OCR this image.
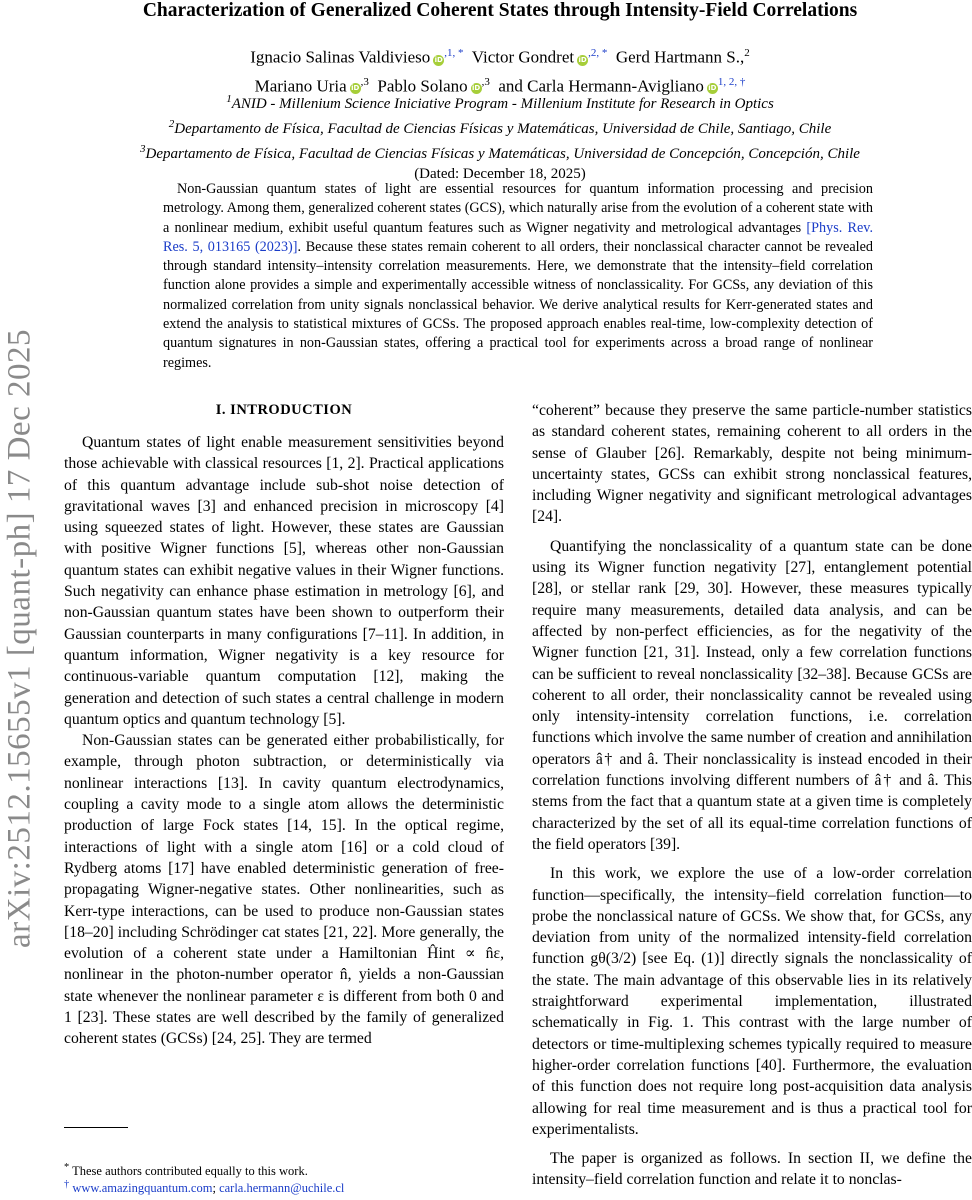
arXiv:2512.15655v1 [quant-ph] 17 Dec 2025
Characterization of Generalized Coherent States through Intensity-Field Correlations
Ignacio Salinas Valdivieso $iD^{,1, *}$ Victor Gondret $iD^{,2, *}$ Gerd Hartmann S.,$^2$
Mariano Uria $iD^{,3}$ Pablo Solano $iD^{,3}$ and Carla Hermann-Avigliano $iD^{1, 2, \dagger}$
$^1$ANID - Millenium Science Iniciative Program - Millenium Institute for Research in Optics
$^2$Departamento de Física, Facultad de Ciencias Físicas y Matemáticas, Universidad de Chile, Santiago, Chile
$^3$Departamento de Física, Facultad de Ciencias Físicas y Matemáticas, Universidad de Concepción, Concepción, Chile
(Dated: December 18, 2025)
Non-Gaussian quantum states of light are essential resources for quantum information processing and precision metrology. Among them, generalized coherent states (GCS), which naturally arise from the evolution of a coherent state with a nonlinear medium, exhibit useful quantum features such as Wigner negativity and metrological advantages [Phys. Rev. Res. 5, 013165 (2023)]. Because these states remain coherent to all orders, their nonclassical character cannot be revealed through standard intensity–intensity correlation measurements. Here, we demonstrate that the intensity–field correlation function alone provides a simple and experimentally accessible witness of nonclassicality. For GCSs, any deviation of this normalized correlation from unity signals nonclassical behavior. We derive analytical results for Kerr-generated states and extend the analysis to statistical mixtures of GCSs. The proposed approach enables real-time, low-complexity detection of quantum signatures in non-Gaussian states, offering a practical tool for experiments across a broad range of nonlinear regimes.
I. INTRODUCTION

Quantum states of light enable measurement sensitivities beyond those achievable with classical resources [1, 2]. Practical applications of this quantum advantage include sub-shot noise detection of gravitational waves [3] and enhanced precision in microscopy [4] using squeezed states of light. However, these states are Gaussian with positive Wigner functions [5], whereas other non-Gaussian quantum states can exhibit negative values in their Wigner functions. Such negativity can enhance phase estimation in metrology [6], and non-Gaussian quantum states have been shown to outperform their Gaussian counterparts in many configurations [7–11]. In addition, in quantum information, Wigner negativity is a key resource for continuous-variable quantum computation [12], making the generation and detection of such states a central challenge in modern quantum optics and quantum technology [5].

Non-Gaussian states can be generated either probabilistically, for example, through photon subtraction, or deterministically via nonlinear interactions [13]. In cavity quantum electrodynamics, coupling a cavity mode to a single atom allows the deterministic production of large Fock states [14, 15]. In the optical regime, interactions of light with a single atom [16] or a cold cloud of Rydberg atoms [17] have enabled deterministic generation of free-propagating Wigner-negative states. Other nonlinearities, such as Kerr-type interactions, can be used to produce non-Gaussian states [18–20] including Schrödinger cat states [21, 22]. More generally, the evolution of a coherent state under a Hamiltonian Ĥint ∝ n̂ε, nonlinear in the photon-number operator n̂, yields a non-Gaussian state whenever the nonlinear parameter ε is different from both 0 and 1 [23]. These states are well described by the family of generalized coherent states (GCSs) [24, 25]. They are termed

“coherent” because they preserve the same particle-number statistics as standard coherent states, remaining coherent to all orders in the sense of Glauber [26]. Remarkably, despite not being minimum-uncertainty states, GCSs can exhibit strong nonclassical features, including Wigner negativity and significant metrological advantages [24].

Quantifying the nonclassicality of a quantum state can be done using its Wigner function negativity [27], entanglement potential [28], or stellar rank [29, 30]. However, these measures typically require many measurements, detailed data analysis, and can be affected by non-perfect efficiencies, as for the negativity of the Wigner function [21, 31]. Instead, only a few correlation functions can be sufficient to reveal nonclassicality [32–38]. Because GCSs are coherent to all order, their nonclassicality cannot be revealed using only intensity-intensity correlation functions, i.e. correlation functions which involve the same number of creation and annihilation operators â† and â. Their nonclassicality is instead encoded in their correlation functions involving different numbers of â† and â. This stems from the fact that a quantum state at a given time is completely characterized by the set of all its equal-time correlation functions of the field operators [39].

In this work, we explore the use of a low-order correlation function—specifically, the intensity–field correlation function—to probe the nonclassical nature of GCSs. We show that, for GCSs, any deviation from unity of the normalized intensity-field correlation function gθ(3/2) [see Eq. (1)] directly signals the nonclassicality of the state. The main advantage of this observable lies in its relatively straightforward experimental implementation, illustrated schematically in Fig. 1. This contrast with the large number of detectors or time-multiplexing schemes typically required to measure higher-order correlation functions [40]. Furthermore, the evaluation of this function does not require long post-acquisition data analysis allowing for real time measurement and is thus a practical tool for experimentalists.

The paper is organized as follows. In section II, we define the intensity–field correlation function and relate it to nonclas-

* These authors contributed equally to this work.
† www.amazingquantum.com; carla.hermann@uchile.cl
